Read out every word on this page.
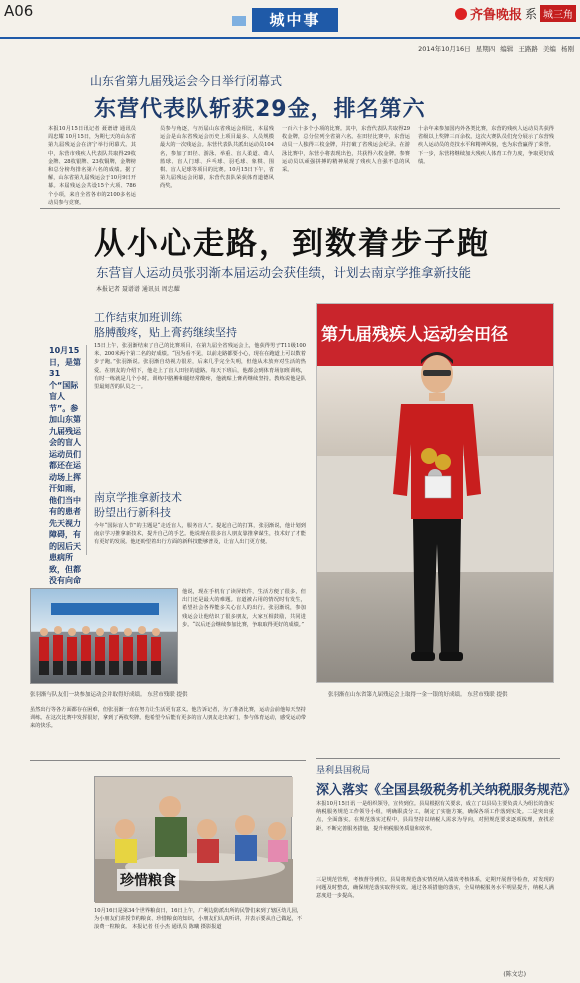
A06	城中事	齐鲁晚报 系 城三角
2014年10月16日 星期四 编辑 王路路 美编 杨刚
山东省第九届残运会今日举行闭幕式
东营代表队斩获29金，排名第六
本报10月15日讯记者 聂谱谱 通讯员 周忠耀 10月15日，为期七天的山东省第九届残运会在济宁举行闭幕式。其中，东营市残疾人代表队共取得29枚金牌、28枚银牌、23枚铜牌，金牌榜和总分榜均排名第六名的成绩。据了解，山东省第九届残运会于10月9日开幕。本届残运会共设15个大项、786个小项，来自全省各市的2100多名运动员参与竞赛。
员参与角逐，与历届山东省残运会相比，本届残运会是山东省残运会历史上项目最多、人员规模最大的一次残运会。东营代表队共派出运动员104名，参加了田径、游泳、举重、盲人柔道、聋人篮球、盲人门球、乒乓球、羽毛球、象棋、围棋、盲人足球等项目的比赛。10月15日下午，省第九届残运会闭幕，东营代表队荣获体育道德风尚奖。
一百六十多个小项的比赛。其中，东营代表队共取得29枚金牌，总分位列全省第六名。在田径比赛中，东营运动员一人独得三枚金牌，并打破了省残运会纪录。在游泳比赛中，东营小将表现出色，共获得六枚金牌。参赛运动员以顽强拼搏的精神展现了残疾人自强不息的风采。
十余年来参加国内外各类比赛，东营的残疾人运动员共获得省级以上奖牌三百余枚。这次大赛队员们充分展示了东营残疾人运动员的竞技水平和精神风貌，也为东营赢得了荣誉。下一步，东营将继续加大残疾人体育工作力度，争取更好成绩。
从小心走路，到数着步子跑
东营盲人运动员张羽渐本届运动会获佳绩，计划去南京学推拿新技能
本报记者 聂谱谱 通讯员 周忠耀
10月15日，是第31个“国际盲人节”。参加山东第九届残运会的盲人运动员们都还在运动场上挥汗如雨，他们当中有的患者先天视力障碍，有的因后天患病所致，但都没有向命
工作结束加班训练
胳膊酸疼，贴上膏药继续坚持
15日上午，张羽渐结束了自己的比赛项目，在第九届全省残运会上，他获得男子T11级100米、200米两个第二名的好成绩。“因为看不见，以前走路都要小心，现在在跑道上可以数着步子跑。”张羽渐说。张羽渐自幼视力很差，后来几乎完全失明，但他从未放弃对生活的热爱。在朋友的介绍下，他走上了盲人田径的道路。每天下班后，他都会到体育场加班训练，有时一练就是几个小时。训练中胳膊和腿经常酸疼，他就贴上膏药继续坚持。教练说他是队里最刻苦的队员之一。
南京学推拿新技术
盼望出行新科技
今年“国际盲人节”的主题是“走近盲人，服务盲人”。提起自己的打算，张羽渐说，他计划到南京学习推拿新技术，提升自己的手艺。他说现在很多盲人朋友靠推拿谋生，技术好了才能有更好的发展。他还盼望着出行方面的新科技能够普及，让盲人出门更方便。
他说，现在手机有了读屏软件，生活方便了很多，但出门还是最大的难题。盲道被占用的情况时有发生，希望社会各界能多关心盲人的出行。张羽渐说，参加残运会让他结识了很多朋友，大家互相鼓励，共同进步。“以后还会继续参加比赛，争取取得更好的成绩。”
虽然出行等各方面都存在困难，但张羽渐一直在努力让生活更有意义。他告诉记者，为了准备比赛，运动会前他每天坚持训练。在这次比赛中发挥很好，拿到了两枚奖牌。他希望今后能有更多的盲人朋友走出家门，参与体育运动，感受运动带来的快乐。
第九届残疾人运动会田径
张羽渐在山东省第九届残运会上取得一金一银的好成绩。 东营市残联 提供
张羽渐与队友们一块参加运动会并取得好成绩。 东营市残联 提供
珍惜粮食
10月16日是第34个世界粮食日，16日上午，广利边防派出所的民警们来到了辖区幼儿园，为小朋友们讲授节约粮食、珍惜粮食的知识，小朋友们认真听讲，并表示要从自己做起，不浪费一粒粮食。 本报记者 任小杰 通讯员 陈曦 摄影报道
垦利县国税局
深入落实《全国县级税务机关纳税服务规范》
本报10月15日讯 一是组织领导，宣传到位。县局根据有关要求，成立了以县局主要负责人为组长的落实纳税服务规范工作领导小组，明确职责分工，制定了实施方案，确保各项工作落到实处。二是突出重点，全面落实。在规范落实过程中，县局坚持以纳税人需求为导向，对照规范要求逐项梳理，查找差距，不断完善服务措施，提升纳税服务质量和效率。
三是规范管理，考核督导到位。县局将规范落实情况纳入绩效考核体系，定期开展督导检查，对发现的问题及时整改，确保规范落实取得实效。通过各项措施的落实，全局纳税服务水平明显提升，纳税人满意度进一步提高。
(陈文忠)
